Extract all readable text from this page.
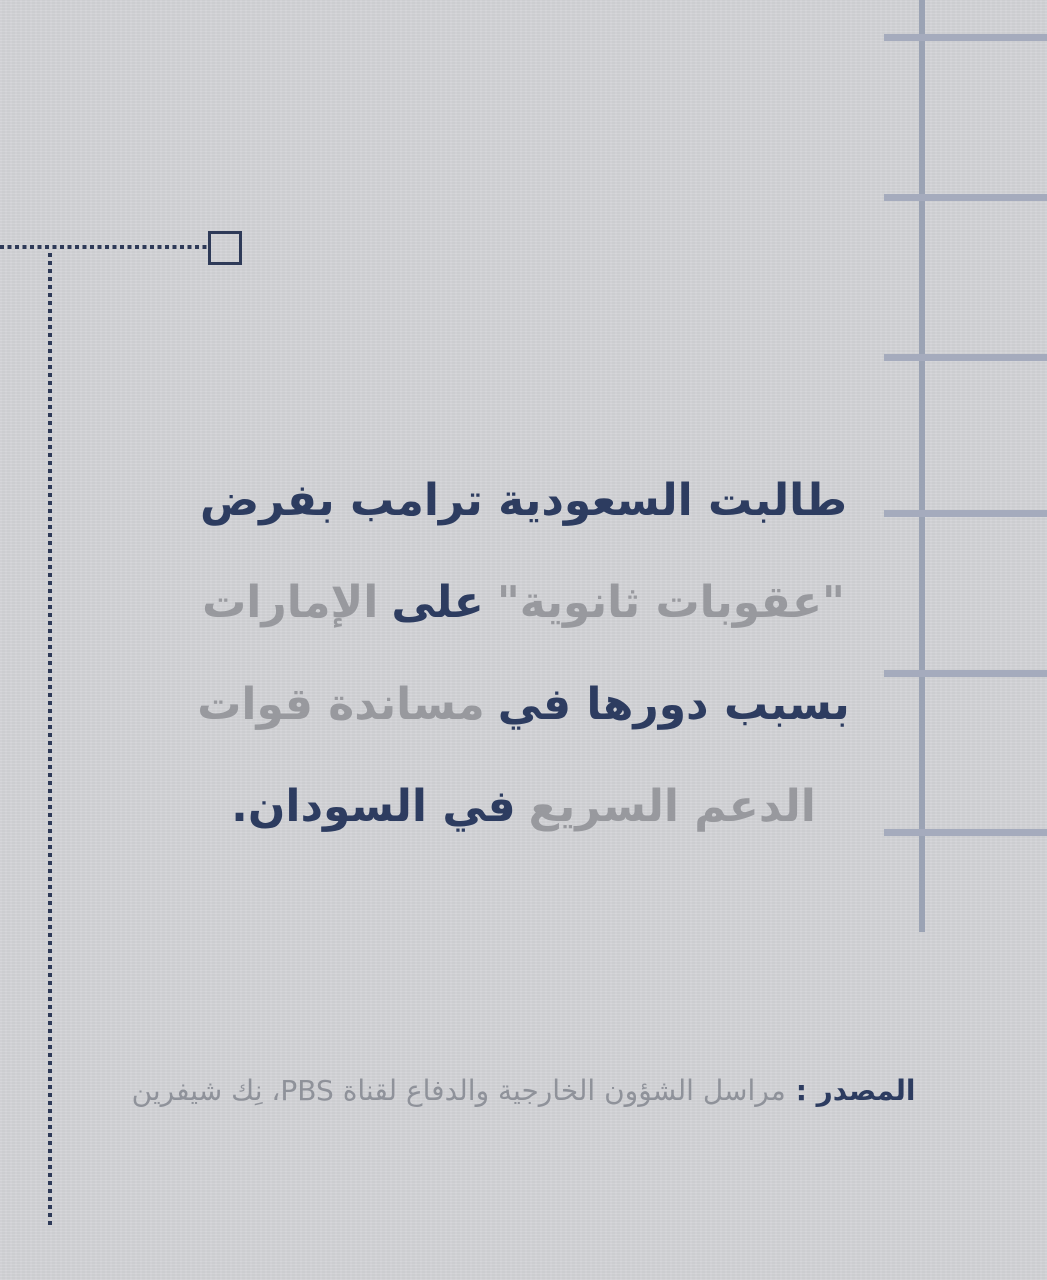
طالبت السعودية ترامب بفرض
"عقوبات ثانوية"
على
الإمارات
بسبب دورها في
مساندة قوات
الدعم السريع
في السودان.
المصدر :
مراسل الشؤون الخارجية والدفاع لقناة PBS، نِك شيفرين
